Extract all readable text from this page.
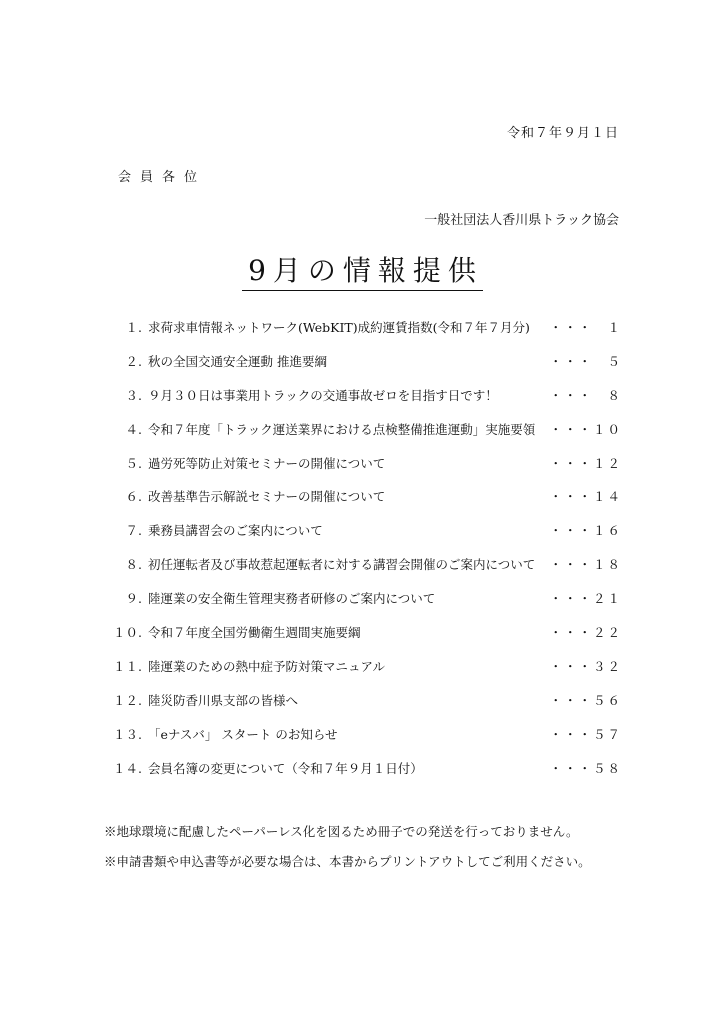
令和７年９月１日
会員各位
一般社団法人香川県トラック協会
9月の情報提供
１. 求荷求車情報ネットワーク(WebKIT)成約運賃指数(令和７年７月分)	・・・　１
２. 秋の全国交通安全運動 推進要綱	・・・　５
３. ９月３０日は事業用トラックの交通事故ゼロを目指す日です！	・・・　８
４. 令和７年度「トラック運送業界における点検整備推進運動」実施要領	・・・１０
５. 過労死等防止対策セミナーの開催について	・・・１２
６. 改善基準告示解説セミナーの開催について	・・・１４
７. 乗務員講習会のご案内について	・・・１６
８. 初任運転者及び事故惹起運転者に対する講習会開催のご案内について	・・・１８
９. 陸運業の安全衛生管理実務者研修のご案内について	・・・２１
１０. 令和７年度全国労働衛生週間実施要綱	・・・２２
１１. 陸運業のための熱中症予防対策マニュアル	・・・３２
１２. 陸災防香川県支部の皆様へ	・・・５６
１３. 「eナスバ」 スタート のお知らせ	・・・５７
１４. 会員名簿の変更について（令和７年９月１日付）	・・・５８
※地球環境に配慮したペーパーレス化を図るため冊子での発送を行っておりません。
※申請書類や申込書等が必要な場合は、本書からプリントアウトしてご利用ください。
